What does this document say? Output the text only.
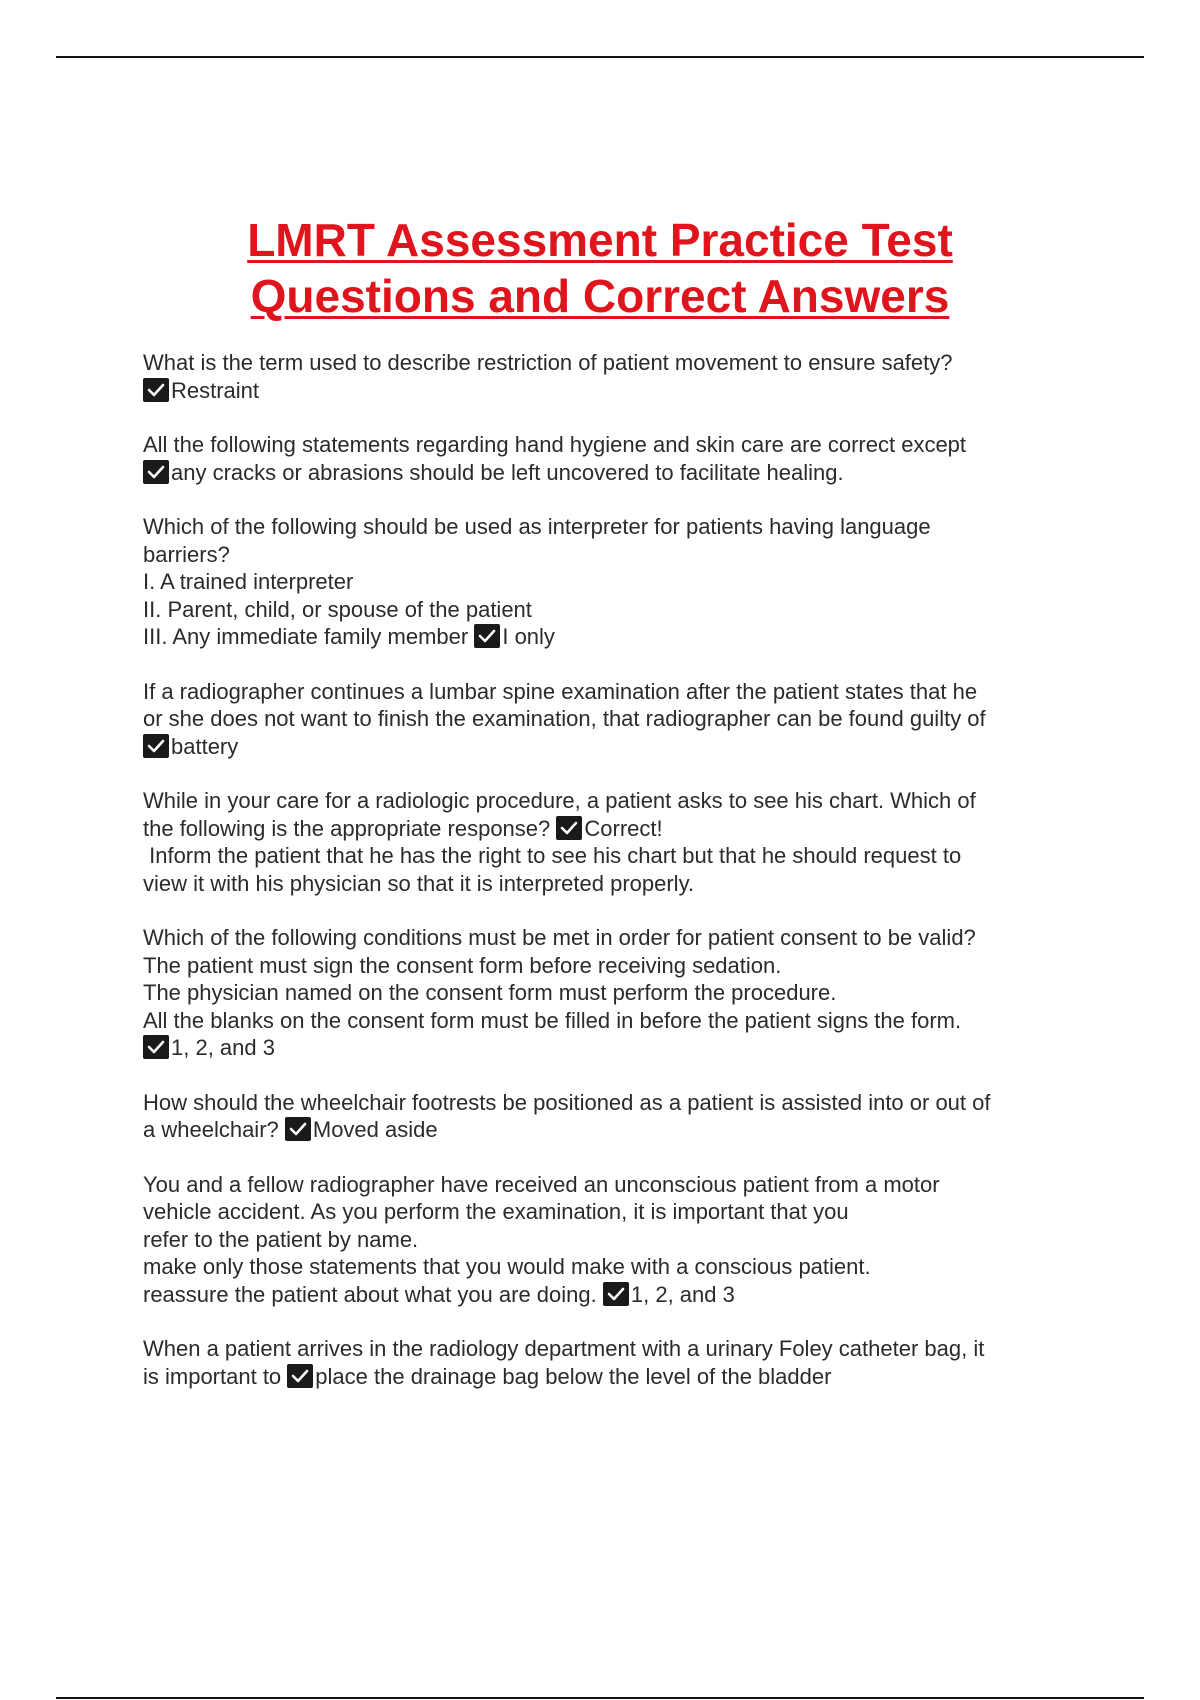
LMRT Assessment Practice Test
Questions and Correct Answers
What is the term used to describe restriction of patient movement to ensure safety?
Restraint
All the following statements regarding hand hygiene and skin care are correct except
any cracks or abrasions should be left uncovered to facilitate healing.
Which of the following should be used as interpreter for patients having language
barriers?
I. A trained interpreter
II. Parent, child, or spouse of the patient
III. Any immediate family member I only
If a radiographer continues a lumbar spine examination after the patient states that he
or she does not want to finish the examination, that radiographer can be found guilty of
battery
While in your care for a radiologic procedure, a patient asks to see his chart. Which of
the following is the appropriate response? Correct!
Inform the patient that he has the right to see his chart but that he should request to
view it with his physician so that it is interpreted properly.
Which of the following conditions must be met in order for patient consent to be valid?
The patient must sign the consent form before receiving sedation.
The physician named on the consent form must perform the procedure.
All the blanks on the consent form must be filled in before the patient signs the form.
1, 2, and 3
How should the wheelchair footrests be positioned as a patient is assisted into or out of
a wheelchair? Moved aside
You and a fellow radiographer have received an unconscious patient from a motor
vehicle accident. As you perform the examination, it is important that you
refer to the patient by name.
make only those statements that you would make with a conscious patient.
reassure the patient about what you are doing. 1, 2, and 3
When a patient arrives in the radiology department with a urinary Foley catheter bag, it
is important to place the drainage bag below the level of the bladder
